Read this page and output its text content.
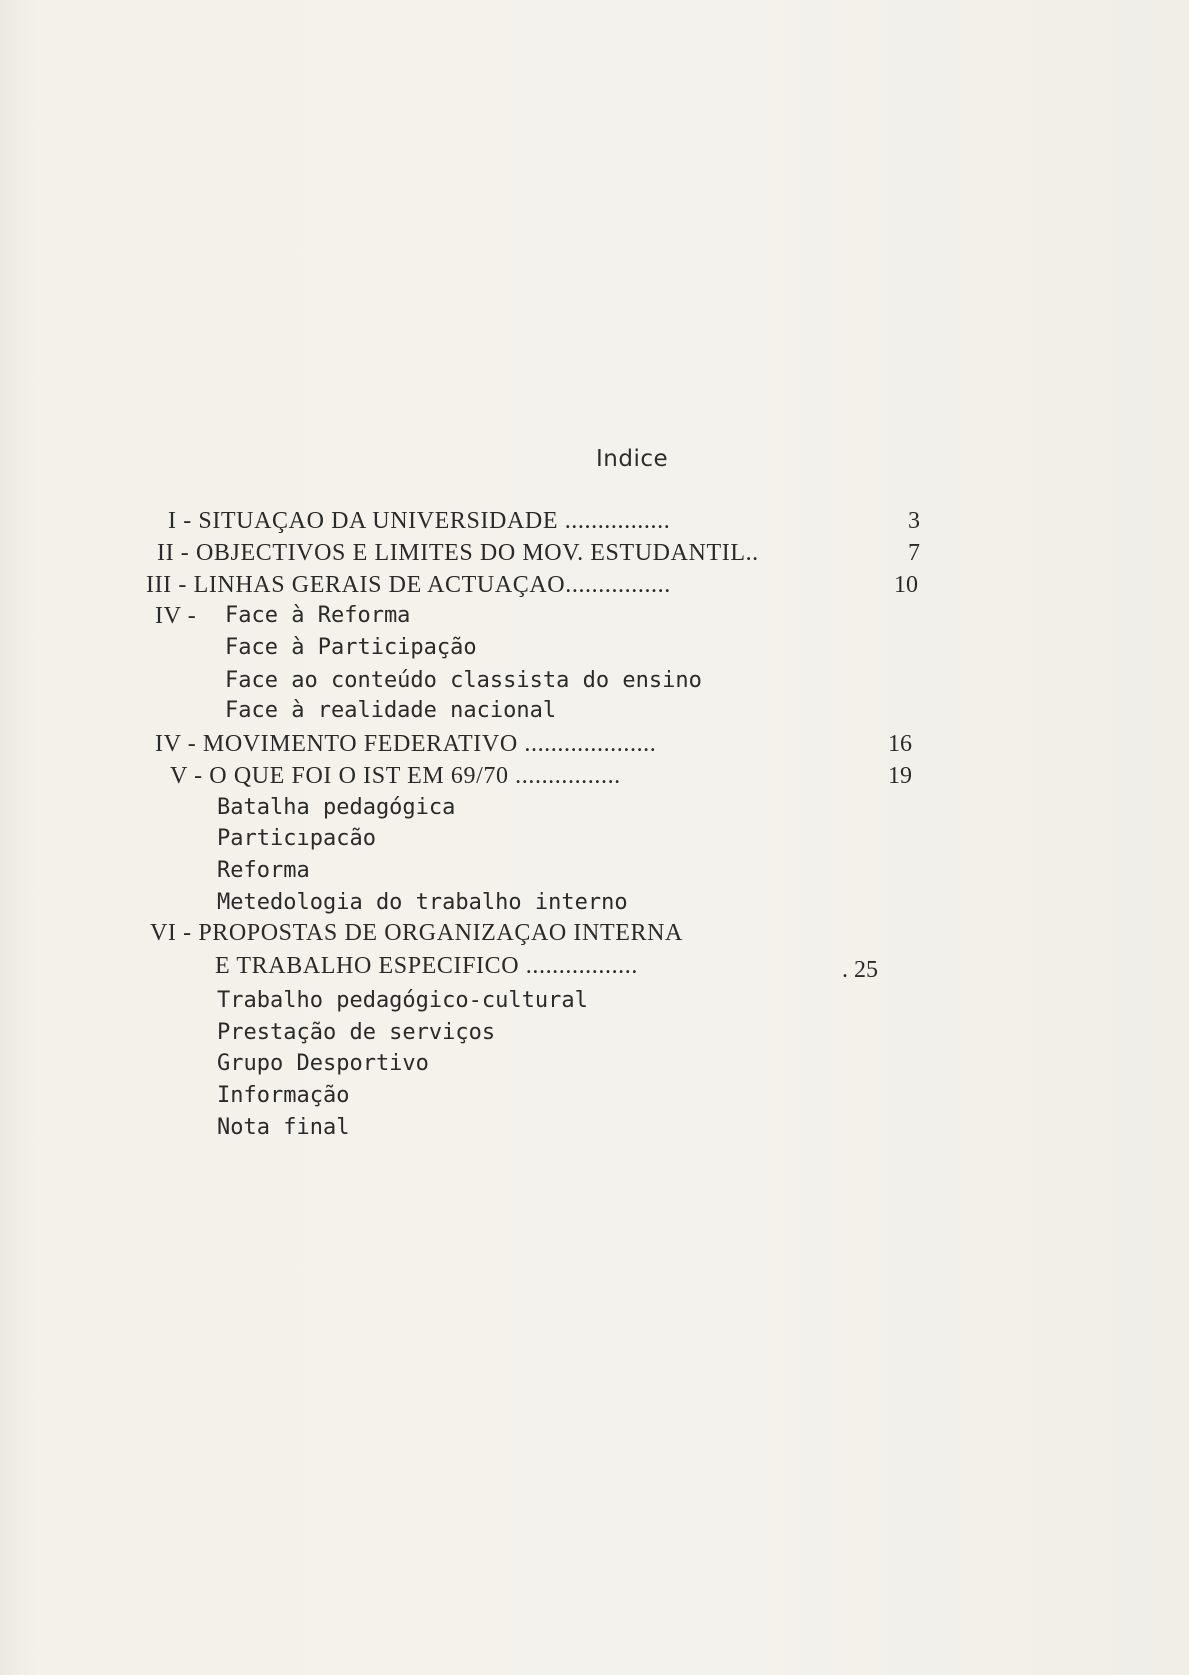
Indice
I - SITUAÇAO DA UNIVERSIDADE ................	3
II - OBJECTIVOS E LIMITES DO MOV. ESTUDANTIL..	7
III - LINHAS GERAIS DE ACTUAÇAO................	10
IV - Face à Reforma
Face à Participação
Face ao conteúdo classista do ensino
Face à realidade nacional
IV - MOVIMENTO FEDERATIVO ....................	16
V - O QUE FOI O IST EM 69/70 ................	19
Batalha pedagógica
Particıpacão
Reforma
Metedologia do trabalho interno
VI - PROPOSTAS DE ORGANIZAÇAO INTERNA
E TRABALHO ESPECIFICO .................	. 25
Trabalho pedagógico-cultural
Prestação de serviços
Grupo Desportivo
Informação
Nota final
